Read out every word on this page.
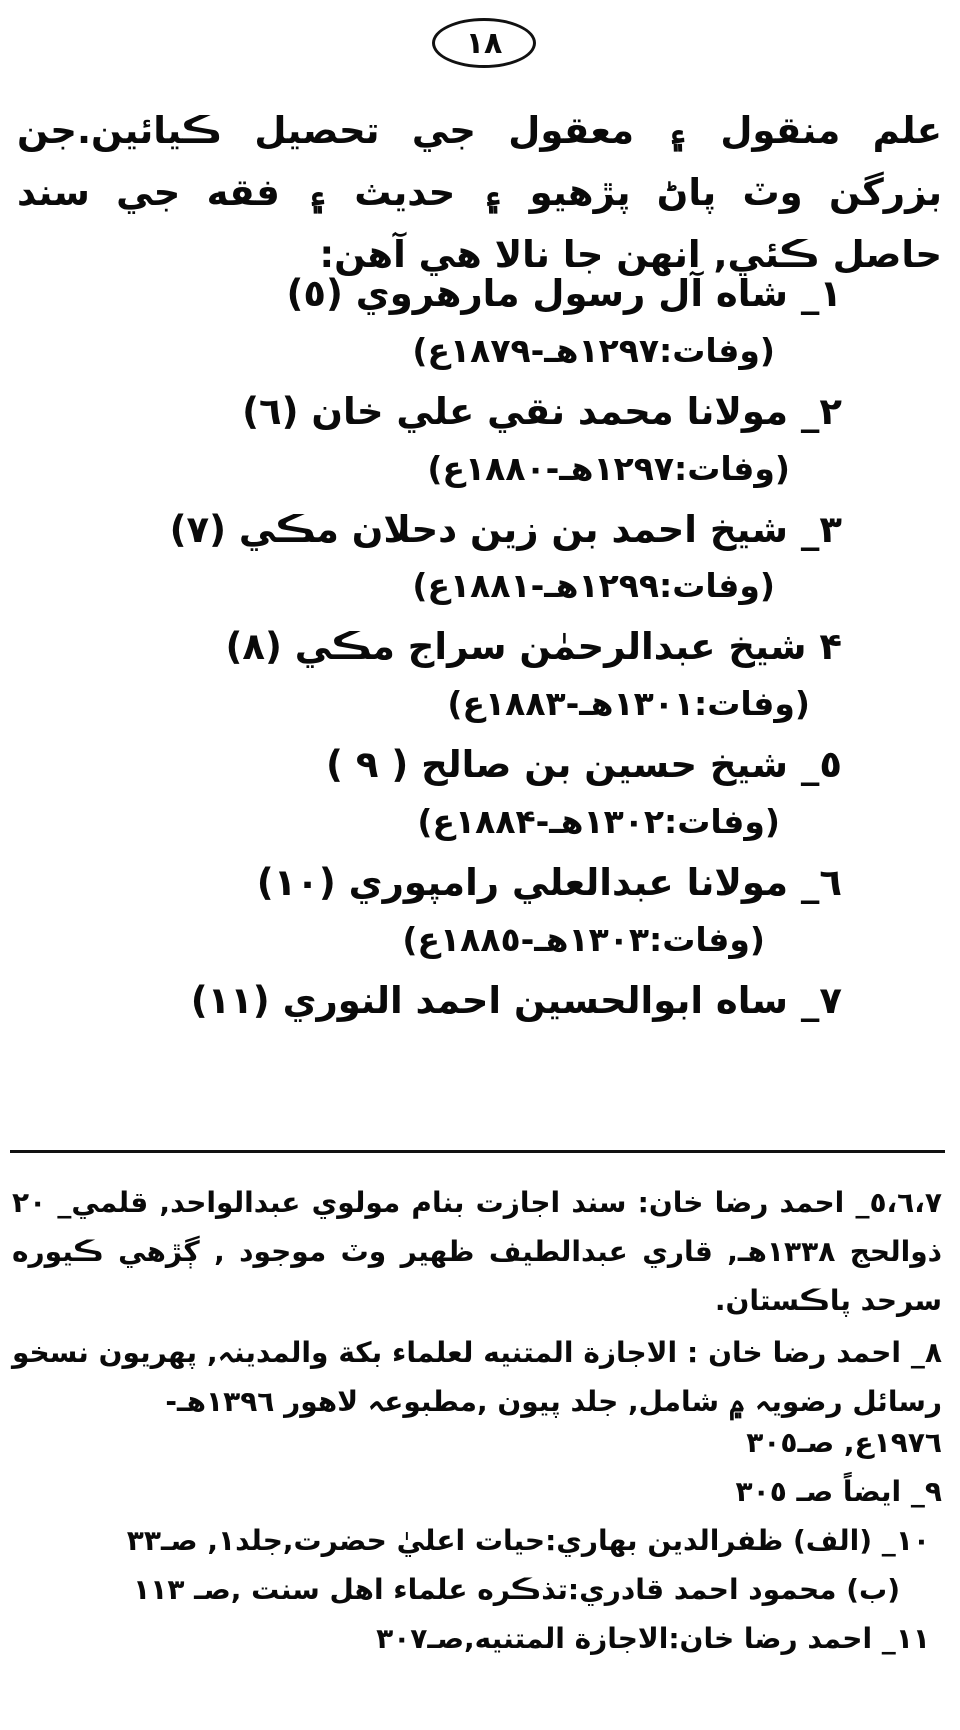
١٨
علم منقول ۽ معقول جي تحصيل ڪيائين.جن بزرگن وٽ پاڻ پڙهيو ۽ حديث ۽ فقه جي سند حاصل ڪئي, انهن جا نالا هي آهن:
١_ شاه آل رسول مارهروي (٥)
(وفات:١٢٩٧هـ-١٨٧٩ع)
٢_ مولانا محمد نقي علي خان (٦)
(وفات:١٢٩٧هـ-١٨٨٠ع)
٣_ شيخ احمد بن زين دحلان مڪي (٧)
(وفات:١٢٩٩هـ-١٨٨١ع)
۴ شيخ عبدالرحمٰن سراج مڪي (٨)
(وفات:١٣٠١هـ-١٨٨٣ع)
٥_ شيخ حسين بن صالح ( ٩ )
(وفات:١٣٠٢هـ-١٨٨۴ع)
٦_ مولانا عبدالعلي رامپوري (١٠)
(وفات:١٣٠٣هـ-١٨٨٥ع)
٧_ ساه ابوالحسين احمد النوري (١١)
٥،٦،٧_ احمد رضا خان: سند اجازت بنام مولوي عبدالواحد, قلمي_ ٢٠ ذوالحج ١٣٣٨هـ, قاري عبدالطيف ظهير وٽ موجود , ڳڙهي ڪيوره سرحد پاڪستان.
٨_ احمد رضا خان : الاجازة المتنيه لعلماء بکة والمدينہ, پهريون نسخو رسائل رضويہ ۾ شامل, جلد پيون ,مطبوعہ لاهور ١٣٩٦هـ-
١٩٧٦ع, صـ٣٠٥
٩_ ايضاً صـ ٣٠٥
١٠_ (الف) ظفرالدين بهاري:حيات اعليٰ حضرت,جلد١, صـ٣٣
(ب) محمود احمد قادري:تذڪره علماء اهل سنت ,صـ ١١٣
١١_ احمد رضا خان:الاجازة المتنيه,صـ٣٠٧
